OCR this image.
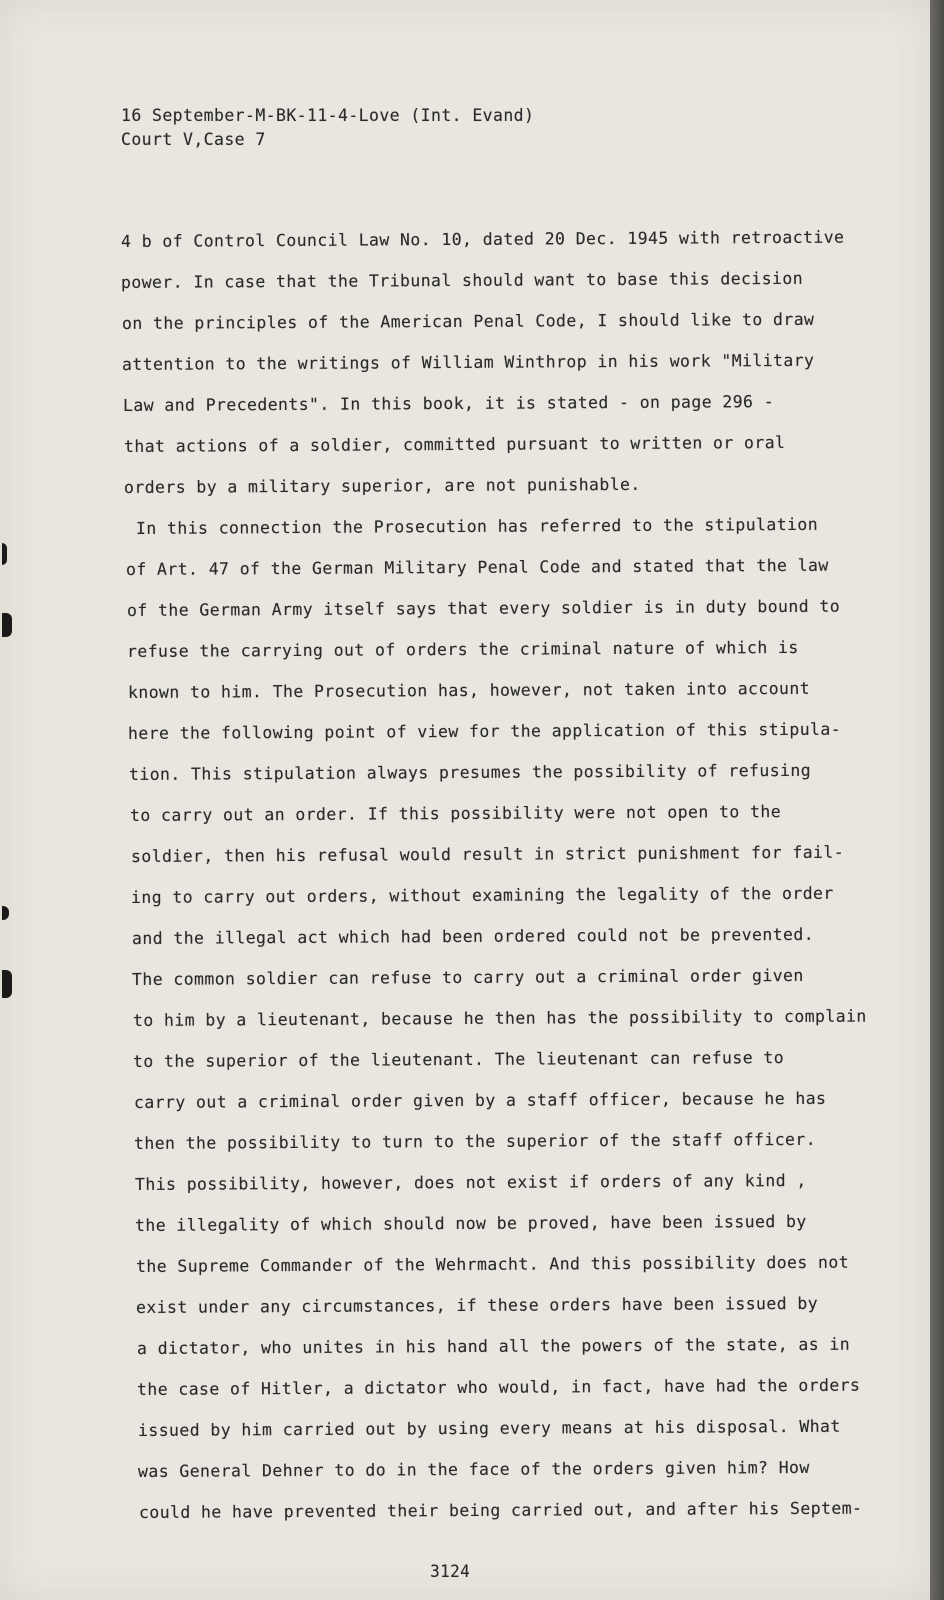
16 September-M-BK-11-4-Love (Int. Evand)
Court V,Case 7
4 b of Control Council Law No. 10, dated 20 Dec. 1945 with retroactive
power. In case that the Tribunal should want to base this decision
on the principles of the American Penal Code, I should like to draw
attention to the writings of William Winthrop in his work "Military
Law and Precedents". In this book, it is stated - on page 296 -
that actions of a soldier, committed pursuant to written or oral
orders by a military superior, are not punishable.
In this connection the Prosecution has referred to the stipulation
of Art. 47 of the German Military Penal Code and stated that the law
of the German Army itself says that every soldier is in duty bound to
refuse the carrying out of orders the criminal nature of which is
known to him. The Prosecution has, however, not taken into account
here the following point of view for the application of this stipula-
tion. This stipulation always presumes the possibility of refusing
to carry out an order. If this possibility were not open to the
soldier, then his refusal would result in strict punishment for fail-
ing to carry out orders, without examining the legality of the order
and the illegal act which had been ordered could not be prevented.
The common soldier can refuse to carry out a criminal order given
to him by a lieutenant, because he then has the possibility to complain
to the superior of the lieutenant. The lieutenant can refuse to
carry out a criminal order given by a staff officer, because he has
then the possibility to turn to the superior of the staff officer.
This possibility, however, does not exist if orders of any kind ,
the illegality of which should now be proved, have been issued by
the Supreme Commander of the Wehrmacht. And this possibility does not
exist under any circumstances, if these orders have been issued by
a dictator, who unites in his hand all the powers of the state, as in
the case of Hitler, a dictator who would, in fact, have had the orders
issued by him carried out by using every means at his disposal. What
was General Dehner to do in the face of the orders given him? How
could he have prevented their being carried out, and after his Septem-
3124
